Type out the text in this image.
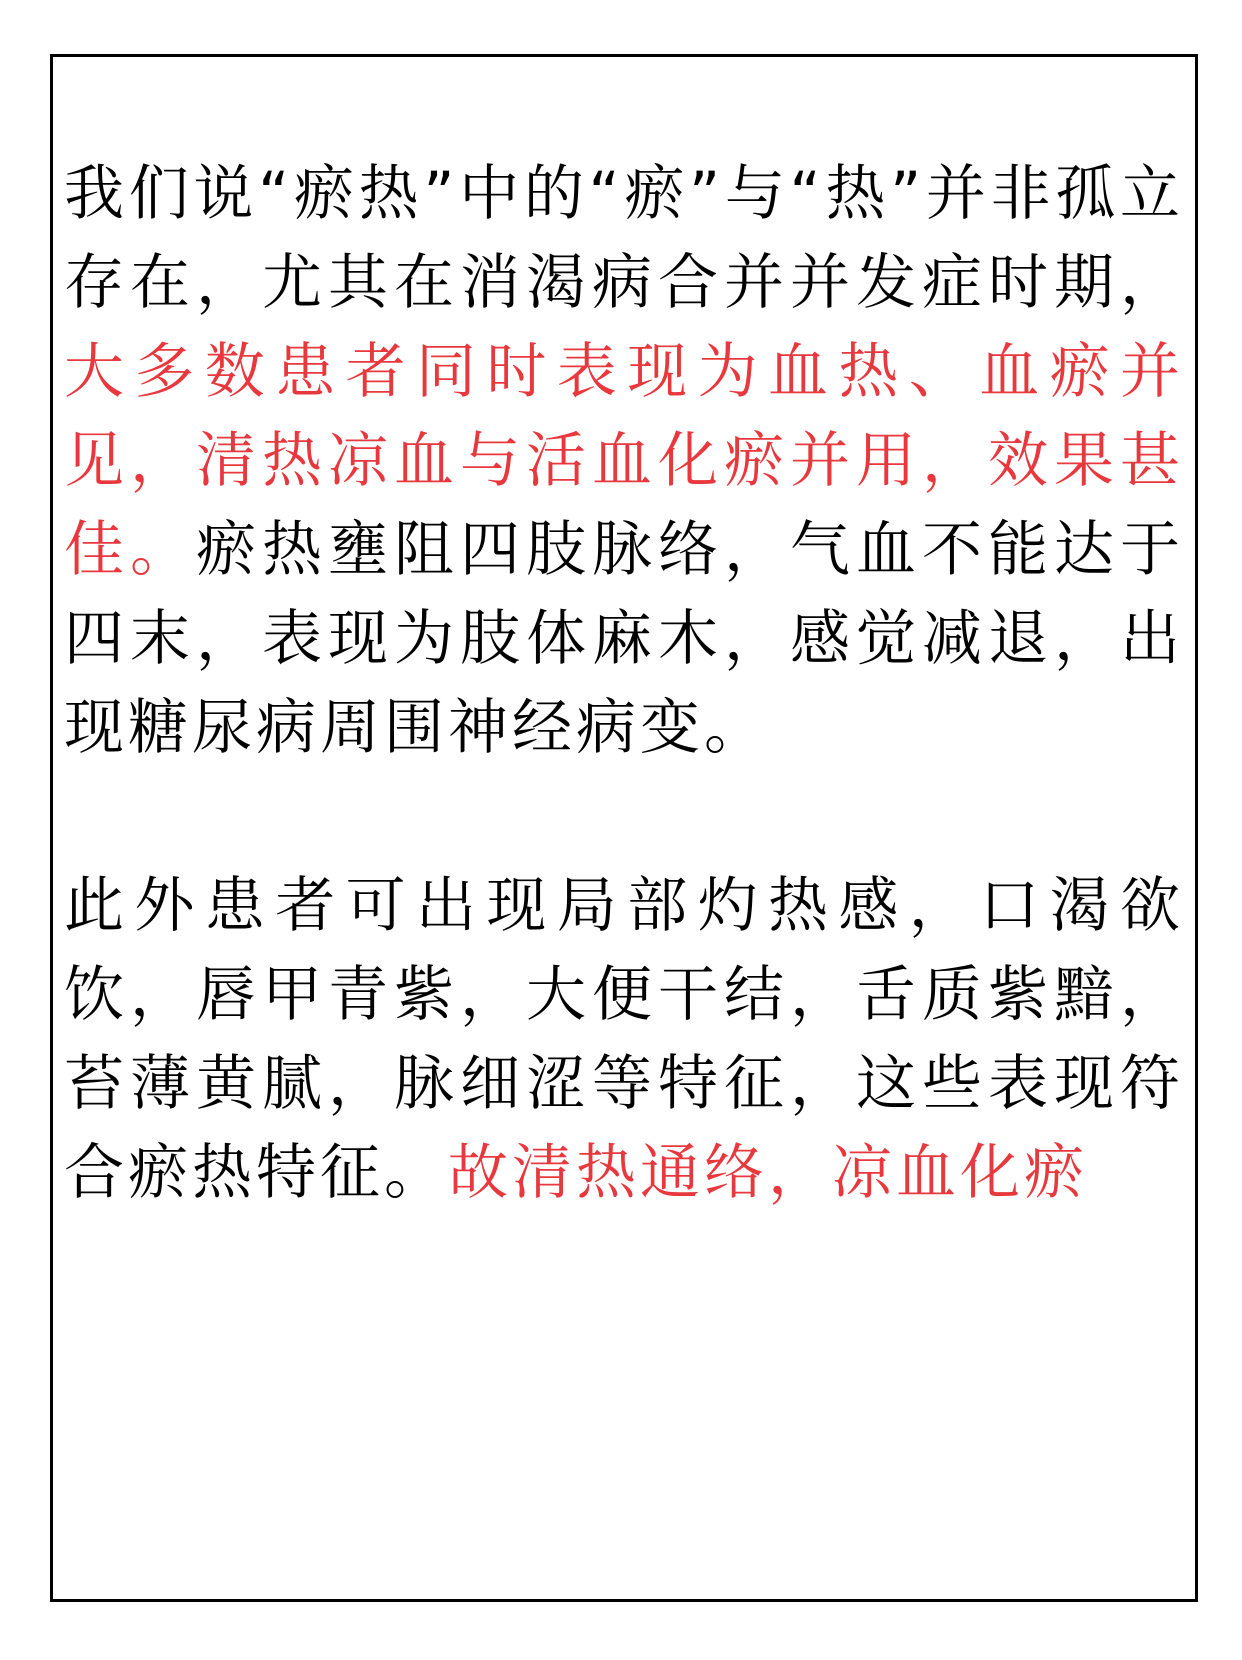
我们说“瘀热”中的“瘀”与“热”并非孤立存在，尤其在消渴病合并并发症时期，大多数患者同时表现为血热、血瘀并见，清热凉血与活血化瘀并用，效果甚佳。瘀热壅阻四肢脉络，气血不能达于四末，表现为肢体麻木，感觉减退，出现糖尿病周围神经病变。

此外患者可出现局部灼热感，口渴欲饮，唇甲青紫，大便干结，舌质紫黯，苔薄黄腻，脉细涩等特征，这些表现符合瘀热特征。故清热通络，凉血化瘀
